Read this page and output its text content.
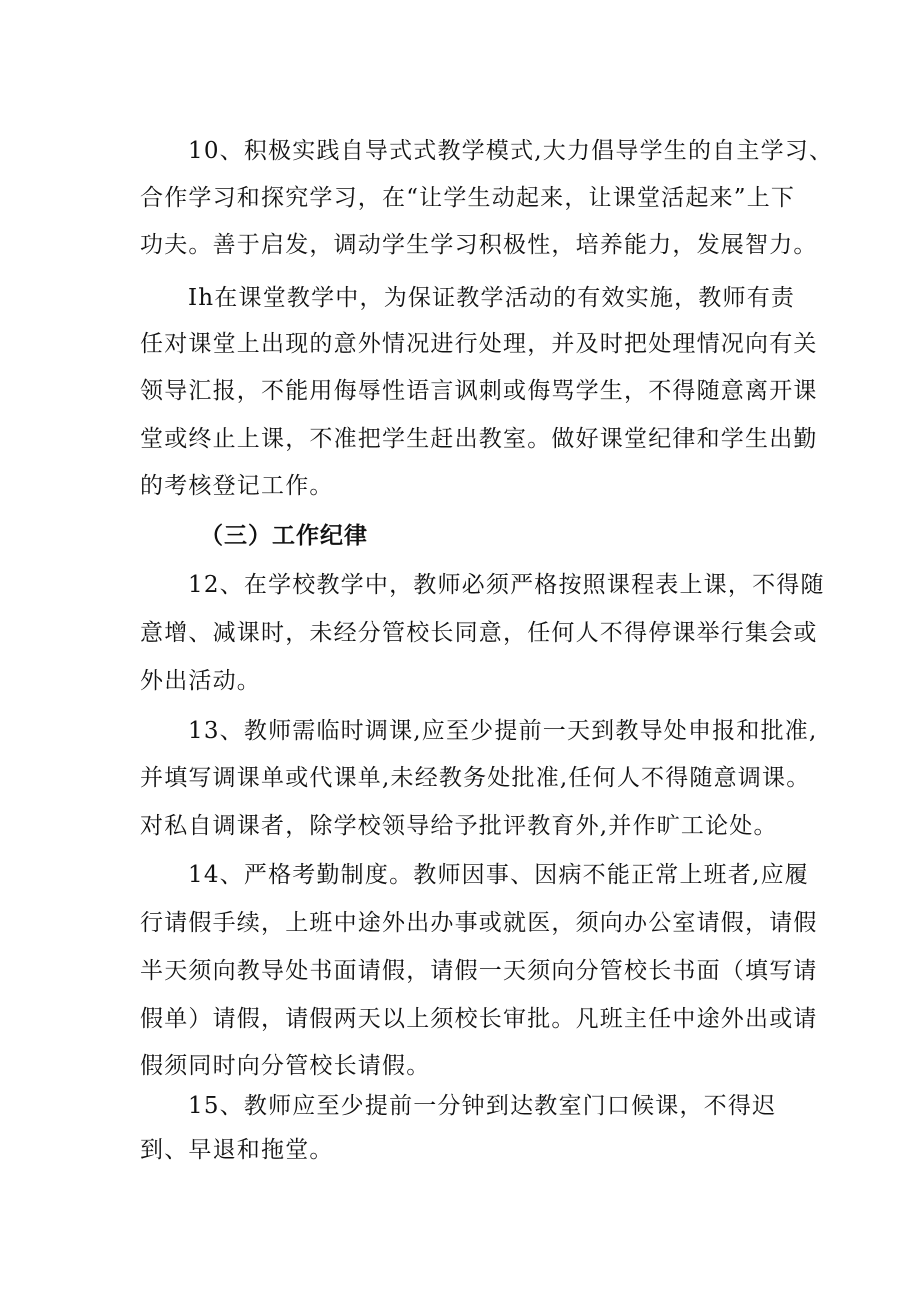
10、积极实践自导式式教学模式,大力倡导学生的自主学习、
合作学习和探究学习，在“让学生动起来，让课堂活起来”上下
功夫。善于启发，调动学生学习积极性，培养能力，发展智力。
Ih在课堂教学中，为保证教学活动的有效实施，教师有责
任对课堂上出现的意外情况进行处理，并及时把处理情况向有关
领导汇报，不能用侮辱性语言讽刺或侮骂学生，不得随意离开课
堂或终止上课，不准把学生赶出教室。做好课堂纪律和学生出勤
的考核登记工作。
（三）工作纪律
12、在学校教学中，教师必须严格按照课程表上课，不得随
意增、减课时，未经分管校长同意，任何人不得停课举行集会或
外出活动。
13、教师需临时调课,应至少提前一天到教导处申报和批准,
并填写调课单或代课单,未经教务处批准,任何人不得随意调课。
对私自调课者，除学校领导给予批评教育外,并作旷工论处。
14、严格考勤制度。教师因事、因病不能正常上班者,应履
行请假手续，上班中途外出办事或就医，须向办公室请假，请假
半天须向教导处书面请假，请假一天须向分管校长书面（填写请
假单）请假，请假两天以上须校长审批。凡班主任中途外出或请
假须同时向分管校长请假。
15、教师应至少提前一分钟到达教室门口候课，不得迟
到、早退和拖堂。
